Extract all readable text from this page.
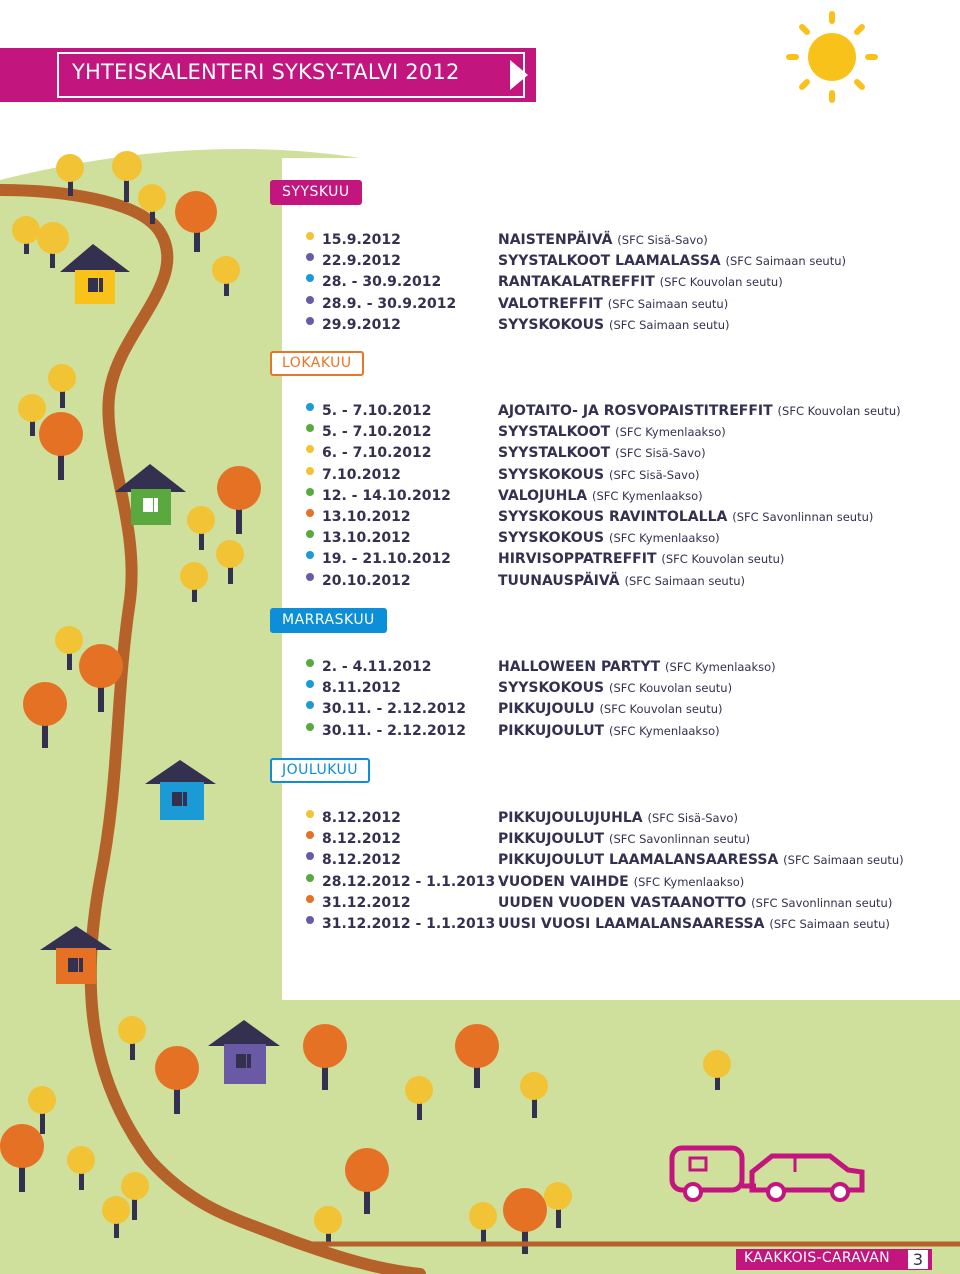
YHTEISKALENTERI SYKSY-TALVI 2012
SYYSKUU
15.9.2012	NAISTENPÄIVÄ (SFC Sisä-Savo)
22.9.2012	SYYSTALKOOT LAAMALASSA (SFC Saimaan seutu)
28. - 30.9.2012	RANTAKALATREFFIT (SFC Kouvolan seutu)
28.9. - 30.9.2012	VALOTREFFIT (SFC Saimaan seutu)
29.9.2012	SYYSKOKOUS (SFC Saimaan seutu)
LOKAKUU
5. - 7.10.2012	AJOTAITO- JA ROSVOPAISTITREFFIT (SFC Kouvolan seutu)
5. - 7.10.2012	SYYSTALKOOT (SFC Kymenlaakso)
6. - 7.10.2012	SYYSTALKOOT (SFC Sisä-Savo)
7.10.2012	SYYSKOKOUS (SFC Sisä-Savo)
12. - 14.10.2012	VALOJUHLA (SFC Kymenlaakso)
13.10.2012	SYYSKOKOUS RAVINTOLALLA (SFC Savonlinnan seutu)
13.10.2012	SYYSKOKOUS (SFC Kymenlaakso)
19. - 21.10.2012	HIRVISOPPATREFFIT (SFC Kouvolan seutu)
20.10.2012	TUUNAUSPÄIVÄ (SFC Saimaan seutu)
MARRASKUU
2. - 4.11.2012	HALLOWEEN PARTYT (SFC Kymenlaakso)
8.11.2012	SYYSKOKOUS (SFC Kouvolan seutu)
30.11. - 2.12.2012 PIKKUJOULU (SFC Kouvolan seutu)
30.11. - 2.12.2012 PIKKUJOULUT (SFC Kymenlaakso)
JOULUKUU
8.12.2012	PIKKUJOULUJUHLA (SFC Sisä-Savo)
8.12.2012	PIKKUJOULUT (SFC Savonlinnan seutu)
8.12.2012	PIKKUJOULUT LAAMALANSAARESSA (SFC Saimaan seutu)
28.12.2012 - 1.1.2013 VUODEN VAIHDE (SFC Kymenlaakso)
31.12.2012	UUDEN VUODEN VASTAANOTTO (SFC Savonlinnan seutu)
31.12.2012 - 1.1.2013 UUSI VUOSI LAAMALANSAARESSA (SFC Saimaan seutu)
KAAKKOIS-CARAVAN	3
